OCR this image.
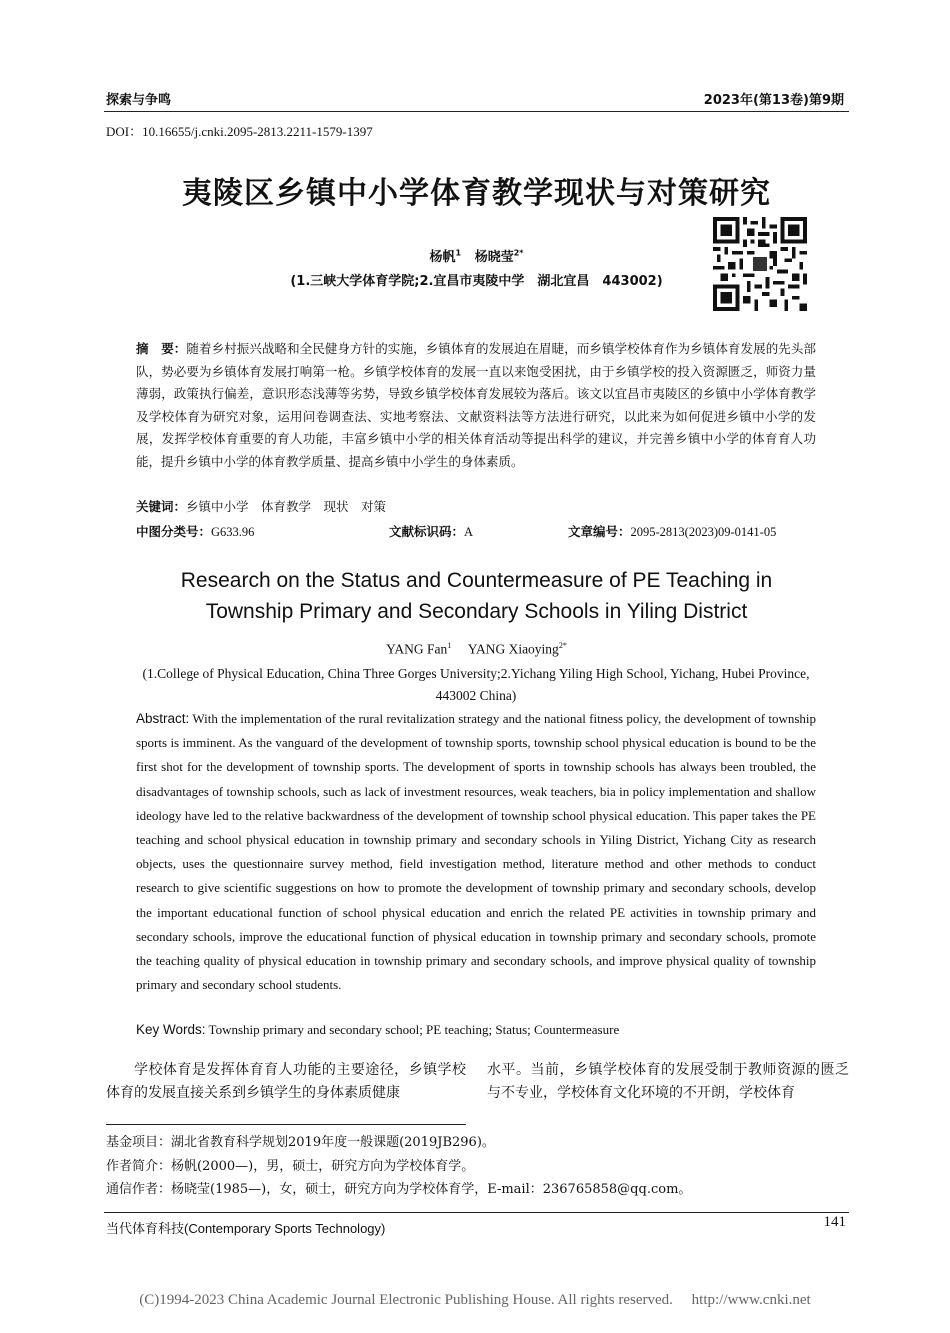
探索与争鸣	2023年(第13卷)第9期
DOI：10.16655/j.cnki.2095-2813.2211-1579-1397
夷陵区乡镇中小学体育教学现状与对策研究
杨帆$^1$ 杨晓莹$^{2*}$
(1.三峡大学体育学院;2.宜昌市夷陵中学　湖北宜昌　443002)
摘　要：随着乡村振兴战略和全民健身方针的实施，乡镇体育的发展迫在眉睫，而乡镇学校体育作为乡镇体育发展的先头部队，势必要为乡镇体育发展打响第一枪。乡镇学校体育的发展一直以来饱受困扰，由于乡镇学校的投入资源匮乏，师资力量薄弱，政策执行偏差，意识形态浅薄等劣势，导致乡镇学校体育发展较为落后。该文以宜昌市夷陵区的乡镇中小学体育教学及学校体育为研究对象，运用问卷调查法、实地考察法、文献资料法等方法进行研究，以此来为如何促进乡镇中小学的发展，发挥学校体育重要的育人功能，丰富乡镇中小学的相关体育活动等提出科学的建议，并完善乡镇中小学的体育育人功能，提升乡镇中小学的体育教学质量、提高乡镇中小学生的身体素质。
关键词：乡镇中小学　体育教学　现状　对策
中图分类号：G633.96	文献标识码：A	文章编号：2095-2813(2023)09-0141-05
Research on the Status and Countermeasure of PE Teaching in
Township Primary and Secondary Schools in Yiling District
YANG Fan$^1$ YANG Xiaoying$^{2*}$
(1.College of Physical Education, China Three Gorges University;2.Yichang Yiling High School, Yichang, Hubei Province, 443002 China)
Abstract: With the implementation of the rural revitalization strategy and the national fitness policy, the development of township sports is imminent. As the vanguard of the development of township sports, township school physical education is bound to be the first shot for the development of township sports. The development of sports in township schools has always been troubled, the disadvantages of township schools, such as lack of investment resources, weak teachers, bia in policy implementation and shallow ideology have led to the relative backwardness of the development of township school physical education. This paper takes the PE teaching and school physical education in township primary and secondary schools in Yiling District, Yichang City as research objects, uses the questionnaire survey method, field investigation method, literature method and other methods to conduct research to give scientific suggestions on how to promote the development of township primary and secondary schools, develop the important educational function of school physical education and enrich the related PE activities in township primary and secondary schools, improve the educational function of physical education in township primary and secondary schools, promote the teaching quality of physical education in township primary and secondary schools, and improve physical quality of township primary and secondary school students.
Key Words: Township primary and secondary school; PE teaching; Status; Countermeasure
学校体育是发挥体育育人功能的主要途径，乡镇学校体育的发展直接关系到乡镇学生的身体素质健康
水平。当前，乡镇学校体育的发展受制于教师资源的匮乏与不专业，学校体育文化环境的不开朗，学校体育
基金项目：湖北省教育科学规划2019年度一般课题(2019JB296)。
作者简介：杨帆(2000—)，男，硕士，研究方向为学校体育学。
通信作者：杨晓莹(1985—)，女，硕士，研究方向为学校体育学，E-mail：236765858@qq.com。
当代体育科技(Contemporary Sports Technology)	141
(C)1994-2023 China Academic Journal Electronic Publishing House. All rights reserved.　 http://www.cnki.net
